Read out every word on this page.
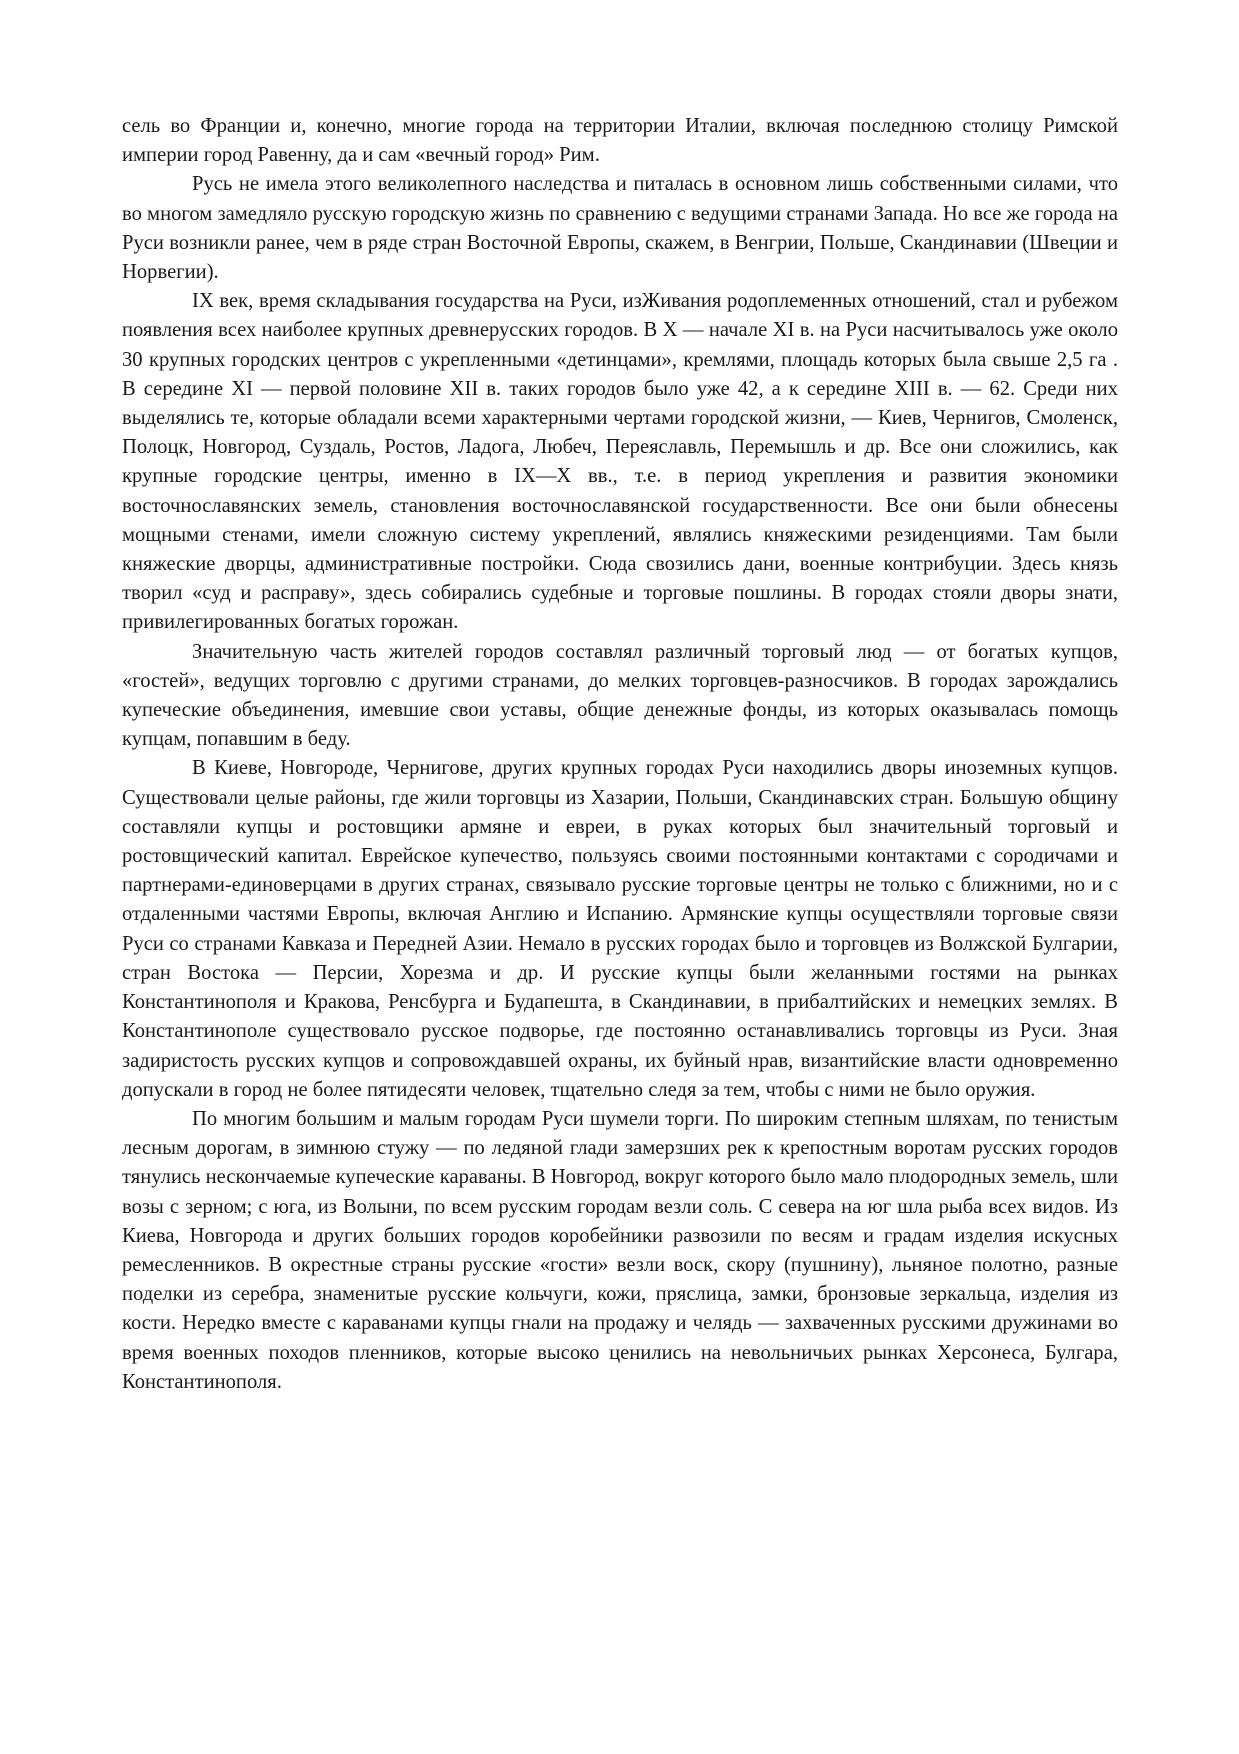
сель во Франции и, конечно, многие города на территории Италии, включая последнюю столицу Римской империи город Равенну, да и сам «вечный город» Рим.

Русь не имела этого великолепного наследства и питалась в основном лишь собственными силами, что во многом замедляло русскую городскую жизнь по сравнению с ведущими странами Запада. Но все же города на Руси возникли ранее, чем в ряде стран Восточной Европы, скажем, в Венгрии, Польше, Скандинавии (Швеции и Норвегии).

IX век, время складывания государства на Руси, изЖивания родоплеменных отношений, стал и рубежом появления всех наиболее крупных древнерусских городов. В X — начале XI в. на Руси насчитывалось уже около 30 крупных городских центров с укрепленными «детинцами», кремлями, площадь которых была свыше 2,5 га . В середине XI — первой половине XII в. таких городов было уже 42, а к середине XIII в. — 62. Среди них выделялись те, которые обладали всеми характерными чертами городской жизни, — Киев, Чернигов, Смоленск, Полоцк, Новгород, Суздаль, Ростов, Ладога, Любеч, Переяславль, Перемышль и др. Все они сложились, как крупные городские центры, именно в IX—X вв., т.е. в период укрепления и развития экономики восточнославянских земель, становления восточнославянской государственности. Все они были обнесены мощными стенами, имели сложную систему укреплений, являлись княжескими резиденциями. Там были княжеские дворцы, административные постройки. Сюда свозились дани, военные контрибуции. Здесь князь творил «суд и расправу», здесь собирались судебные и торговые пошлины. В городах стояли дворы знати, привилегированных богатых горожан.

Значительную часть жителей городов составлял различный торговый люд — от богатых купцов, «гостей», ведущих торговлю с другими странами, до мелких торговцев-разносчиков. В городах зарождались купеческие объединения, имевшие свои уставы, общие денежные фонды, из которых оказывалась помощь купцам, попавшим в беду.

В Киеве, Новгороде, Чернигове, других крупных городах Руси находились дворы иноземных купцов. Существовали целые районы, где жили торговцы из Хазарии, Польши, Скандинавских стран. Большую общину составляли купцы и ростовщики армяне и евреи, в руках которых был значительный торговый и ростовщический капитал. Еврейское купечество, пользуясь своими постоянными контактами с сородичами и партнерами-единоверцами в других странах, связывало русские торговые центры не только с ближними, но и с отдаленными частями Европы, включая Англию и Испанию. Армянские купцы осуществляли торговые связи Руси со странами Кавказа и Передней Азии. Немало в русских городах было и торговцев из Волжской Булгарии, стран Востока — Персии, Хорезма и др. И русские купцы были желанными гостями на рынках Константинополя и Кракова, Ренсбурга и Будапешта, в Скандинавии, в прибалтийских и немецких землях. В Константинополе существовало русское подворье, где постоянно останавливались торговцы из Руси. Зная задиристость русских купцов и сопровождавшей охраны, их буйный нрав, византийские власти одновременно допускали в город не более пятидесяти человек, тщательно следя за тем, чтобы с ними не было оружия.

По многим большим и малым городам Руси шумели торги. По широким степным шляхам, по тенистым лесным дорогам, в зимнюю стужу — по ледяной глади замерзших рек к крепостным воротам русских городов тянулись нескончаемые купеческие караваны. В Новгород, вокруг которого было мало плодородных земель, шли возы с зерном; с юга, из Волыни, по всем русским городам везли соль. С севера на юг шла рыба всех видов. Из Киева, Новгорода и других больших городов коробейники развозили по весям и градам изделия искусных ремесленников. В окрестные страны русские «гости» везли воск, скору (пушнину), льняное полотно, разные поделки из серебра, знаменитые русские кольчуги, кожи, пряслица, замки, бронзовые зеркальца, изделия из кости. Нередко вместе с караванами купцы гнали на продажу и челядь — захваченных русскими дружинами во время военных походов пленников, которые высоко ценились на невольничьих рынках Херсонеса, Булгара, Константинополя.
